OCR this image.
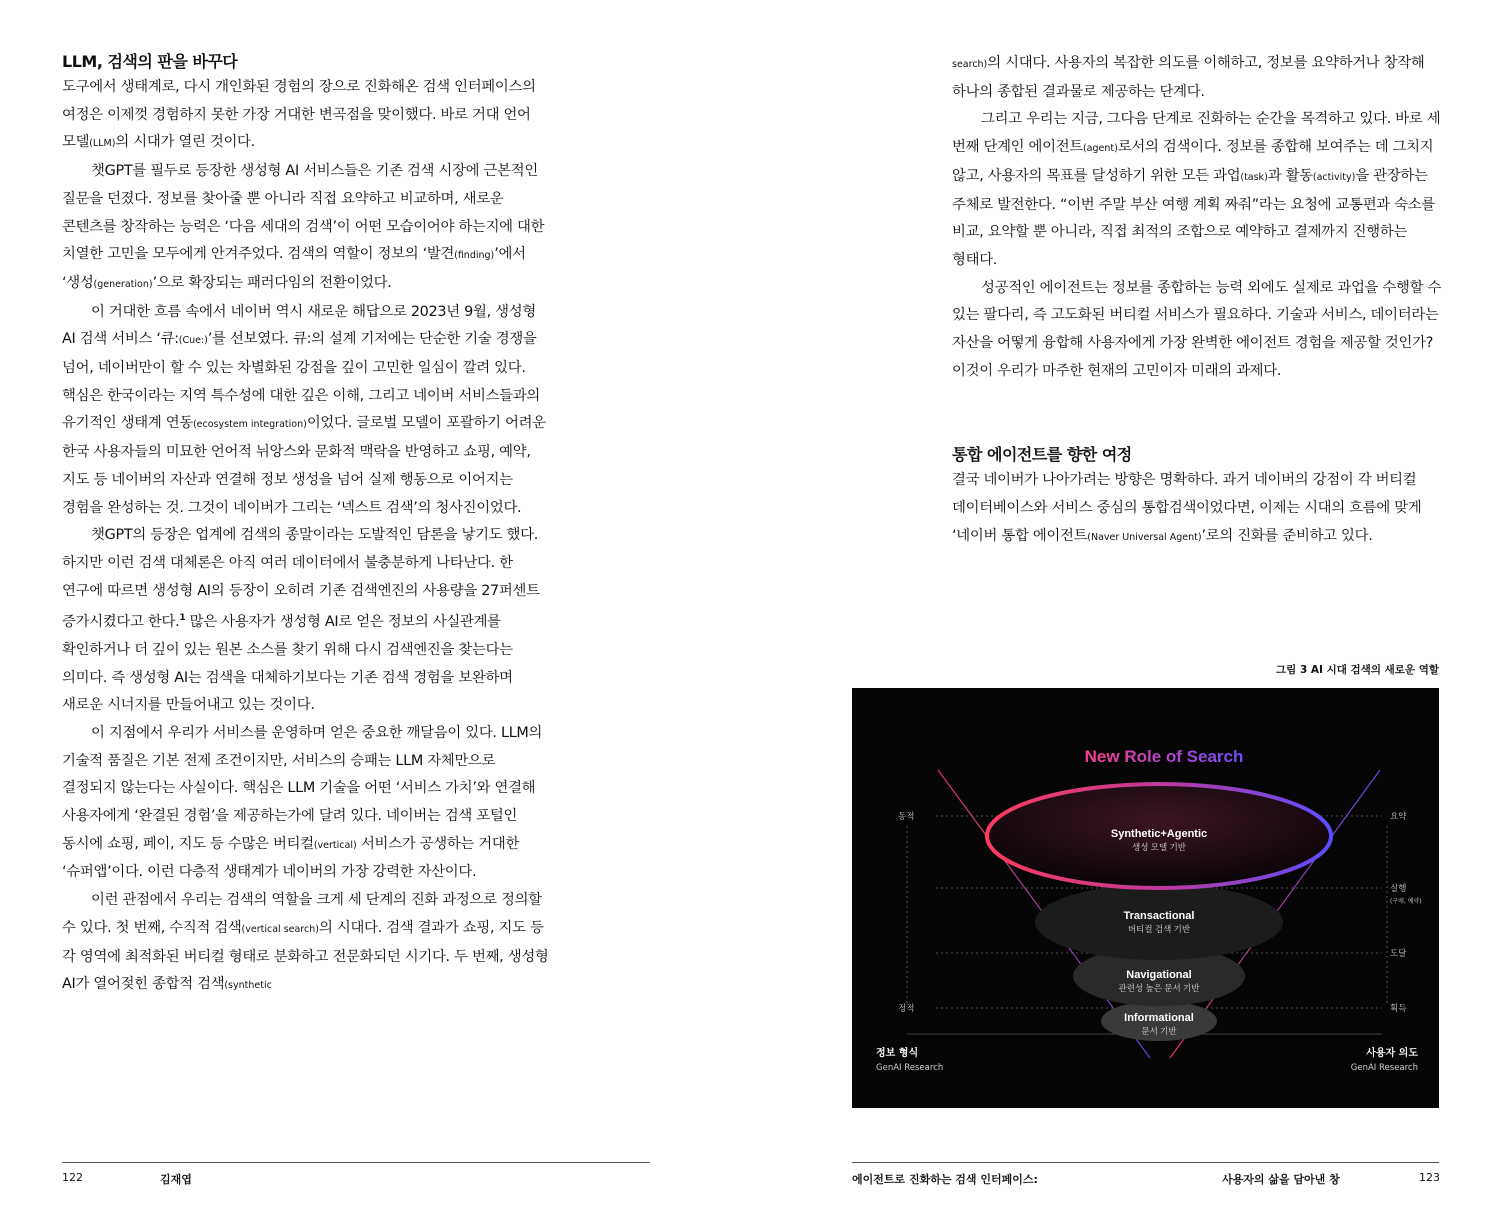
LLM, 검색의 판을 바꾸다

도구에서 생태계로, 다시 개인화된 경험의 장으로 진화해온 검색 인터페이스의 여정은 이제껏 경험하지 못한 가장 거대한 변곡점을 맞이했다. 바로 거대 언어 모델(LLM)의 시대가 열린 것이다.

챗GPT를 필두로 등장한 생성형 AI 서비스들은 기존 검색 시장에 근본적인 질문을 던졌다. 정보를 찾아줄 뿐 아니라 직접 요약하고 비교하며, 새로운 콘텐츠를 창작하는 능력은 ‘다음 세대의 검색’이 어떤 모습이어야 하는지에 대한 치열한 고민을 모두에게 안겨주었다. 검색의 역할이 정보의 ‘발견(finding)’에서 ‘생성(generation)’으로 확장되는 패러다임의 전환이었다.

이 거대한 흐름 속에서 네이버 역시 새로운 해답으로 2023년 9월, 생성형 AI 검색 서비스 ‘큐:(Cue:)’를 선보였다. 큐:의 설계 기저에는 단순한 기술 경쟁을 넘어, 네이버만이 할 수 있는 차별화된 강점을 깊이 고민한 일심이 깔려 있다. 핵심은 한국이라는 지역 특수성에 대한 깊은 이해, 그리고 네이버 서비스들과의 유기적인 생태계 연동(ecosystem integration)이었다. 글로벌 모델이 포괄하기 어려운 한국 사용자들의 미묘한 언어적 뉘앙스와 문화적 맥락을 반영하고 쇼핑, 예약, 지도 등 네이버의 자산과 연결해 정보 생성을 넘어 실제 행동으로 이어지는 경험을 완성하는 것. 그것이 네이버가 그리는 ‘넥스트 검색’의 청사진이었다.

챗GPT의 등장은 업계에 검색의 종말이라는 도발적인 담론을 낳기도 했다. 하지만 이런 검색 대체론은 아직 여러 데이터에서 불충분하게 나타난다. 한 연구에 따르면 생성형 AI의 등장이 오히려 기존 검색엔진의 사용량을 27퍼센트 증가시켰다고 한다.$^1$ 많은 사용자가 생성형 AI로 얻은 정보의 사실관계를 확인하거나 더 깊이 있는 원본 소스를 찾기 위해 다시 검색엔진을 찾는다는 의미다. 즉 생성형 AI는 검색을 대체하기보다는 기존 검색 경험을 보완하며 새로운 시너지를 만들어내고 있는 것이다.

이 지점에서 우리가 서비스를 운영하며 얻은 중요한 깨달음이 있다. LLM의 기술적 품질은 기본 전제 조건이지만, 서비스의 승패는 LLM 자체만으로 결정되지 않는다는 사실이다. 핵심은 LLM 기술을 어떤 ‘서비스 가치’와 연결해 사용자에게 ‘완결된 경험’을 제공하는가에 달려 있다. 네이버는 검색 포털인 동시에 쇼핑, 페이, 지도 등 수많은 버티컬(vertical) 서비스가 공생하는 거대한 ‘슈퍼앱’이다. 이런 다층적 생태계가 네이버의 가장 강력한 자산이다.

이런 관점에서 우리는 검색의 역할을 크게 세 단계의 진화 과정으로 정의할 수 있다. 첫 번째, 수직적 검색(vertical search)의 시대다. 검색 결과가 쇼핑, 지도 등 각 영역에 최적화된 버티컬 형태로 분화하고 전문화되던 시기다. 두 번째, 생성형 AI가 열어젖힌 종합적 검색(synthetic

search)의 시대다. 사용자의 복잡한 의도를 이해하고, 정보를 요약하거나 창작해 하나의 종합된 결과물로 제공하는 단계다.

그리고 우리는 지금, 그다음 단계로 진화하는 순간을 목격하고 있다. 바로 세 번째 단계인 에이전트(agent)로서의 검색이다. 정보를 종합해 보여주는 데 그치지 않고, 사용자의 목표를 달성하기 위한 모든 과업(task)과 활동(activity)을 관장하는 주체로 발전한다. “이번 주말 부산 여행 계획 짜줘”라는 요청에 교통편과 숙소를 비교, 요약할 뿐 아니라, 직접 최적의 조합으로 예약하고 결제까지 진행하는 형태다.

성공적인 에이전트는 정보를 종합하는 능력 외에도 실제로 과업을 수행할 수 있는 팔다리, 즉 고도화된 버티컬 서비스가 필요하다. 기술과 서비스, 데이터라는 자산을 어떻게 융합해 사용자에게 가장 완벽한 에이전트 경험을 제공할 것인가? 이것이 우리가 마주한 현재의 고민이자 미래의 과제다.

통합 에이전트를 향한 여정

결국 네이버가 나아가려는 방향은 명확하다. 과거 네이버의 강점이 각 버티컬 데이터베이스와 서비스 중심의 통합검색이었다면, 이제는 시대의 흐름에 맞게 ‘네이버 통합 에이전트(Naver Universal Agent)’로의 진화를 준비하고 있다.

그림 3 AI 시대 검색의 새로운 역할
New Role of Search
Synthetic+Agentic
생성 모델 기반
Transactional
버티컬 검색 기반
Navigational
관련성 높은 문서 기반
Informational
문서 기반
동적
정적
요약
실행
(구매, 예약)
도달
획득
정보 형식
GenAI Research
사용자 의도
GenAI Research
122	김재엽	에이전트로 진화하는 검색 인터페이스:	사용자의 삶을 담아낸 창	123
